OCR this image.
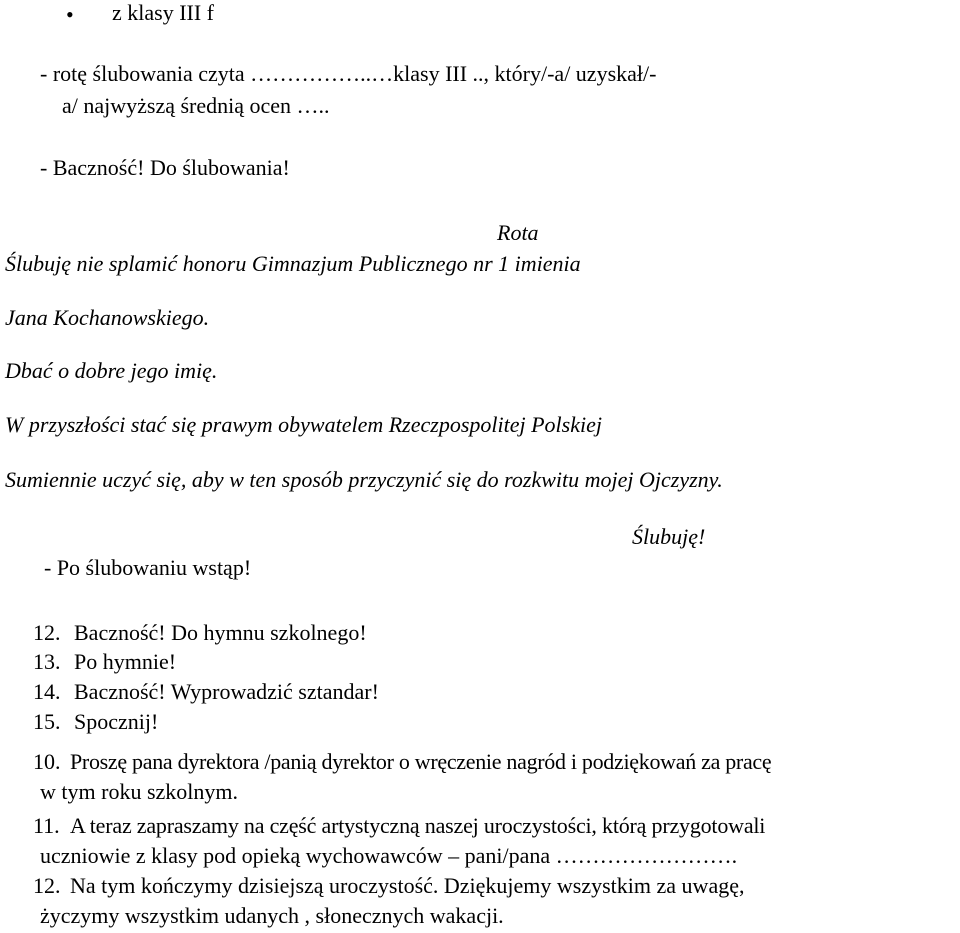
• z klasy III f
- rotę ślubowania czyta ……………..…klasy III .., który/-a/ uzyskał/-
a/ najwyższą średnią ocen …..
- Baczność! Do ślubowania!
Rota
Ślubuję nie splamić honoru Gimnazjum Publicznego nr 1 imienia
Jana Kochanowskiego.
Dbać o dobre jego imię.
W przyszłości stać się prawym obywatelem Rzeczpospolitej Polskiej
Sumiennie uczyć się, aby w ten sposób przyczynić się do rozkwitu mojej Ojczyzny.
Ślubuję!
- Po ślubowaniu wstąp!
12. Baczność! Do hymnu szkolnego!
13. Po hymnie!
14. Baczność! Wyprowadzić sztandar!
15. Spocznij!
10. Proszę pana dyrektora /panią dyrektor o wręczenie nagród i podziękowań za pracę
w tym roku szkolnym.
11. A teraz zapraszamy na część artystyczną naszej uroczystości, którą przygotowali
uczniowie z klasy pod opieką wychowawców – pani/pana …………………….
12. Na tym kończymy dzisiejszą uroczystość. Dziękujemy wszystkim za uwagę,
życzymy wszystkim udanych , słonecznych wakacji.
